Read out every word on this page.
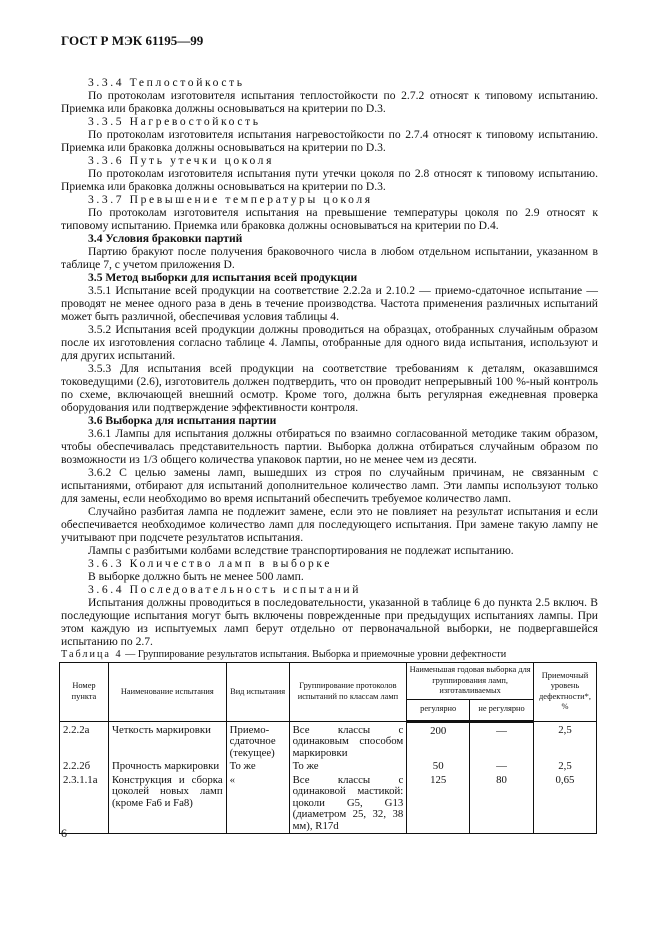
ГОСТ Р МЭК 61195—99

3.3.4 Теплостойкость

По протоколам изготовителя испытания теплостойкости по 2.7.2 относят к типовому испытанию. Приемка или браковка должны основываться на критерии по D.3.

3.3.5 Нагревостойкость

По протоколам изготовителя испытания нагревостойкости по 2.7.4 относят к типовому испытанию. Приемка или браковка должны основываться на критерии по D.3.

3.3.6 Путь утечки цоколя

По протоколам изготовителя испытания пути утечки цоколя по 2.8 относят к типовому испытанию. Приемка или браковка должны основываться на критерии по D.3.

3.3.7 Превышение температуры цоколя

По протоколам изготовителя испытания на превышение температуры цоколя по 2.9 относят к типовому испытанию. Приемка или браковка должны основываться на критерии по D.4.

3.4 Условия браковки партий

Партию бракуют после получения браковочного числа в любом отдельном испытании, указанном в таблице 7, с учетом приложения D.

3.5 Метод выборки для испытания всей продукции

3.5.1 Испытание всей продукции на соответствие 2.2.2а и 2.10.2 — приемо-сдаточное испытание — проводят не менее одного раза в день в течение производства. Частота применения различных испытаний может быть различной, обеспечивая условия таблицы 4.

3.5.2 Испытания всей продукции должны проводиться на образцах, отобранных случайным образом после их изготовления согласно таблице 4. Лампы, отобранные для одного вида испытания, используют и для других испытаний.

3.5.3 Для испытания всей продукции на соответствие требованиям к деталям, оказавшимся токоведущими (2.6), изготовитель должен подтвердить, что он проводит непрерывный 100 %-ный контроль по схеме, включающей внешний осмотр. Кроме того, должна быть регулярная ежедневная проверка оборудования или подтверждение эффективности контроля.

3.6 Выборка для испытания партии

3.6.1 Лампы для испытания должны отбираться по взаимно согласованной методике таким образом, чтобы обеспечивалась представительность партии. Выборка должна отбираться случайным образом по возможности из 1/3 общего количества упаковок партии, но не менее чем из десяти.

3.6.2 С целью замены ламп, вышедших из строя по случайным причинам, не связанным с испытаниями, отбирают для испытаний дополнительное количество ламп. Эти лампы используют только для замены, если необходимо во время испытаний обеспечить требуемое количество ламп.

Случайно разбитая лампа не подлежит замене, если это не повлияет на результат испытания и если обеспечивается необходимое количество ламп для последующего испытания. При замене такую лампу не учитывают при подсчете результатов испытания.

Лампы с разбитыми колбами вследствие транспортирования не подлежат испытанию.

3.6.3 Количество ламп в выборке

В выборке должно быть не менее 500 ламп.

3.6.4 Последовательность испытаний

Испытания должны проводиться в последовательности, указанной в таблице 6 до пункта 2.5 включ. В последующие испытания могут быть включены поврежденные при предыдущих испытаниях лампы. При этом каждую из испытуемых ламп берут отдельно от первоначальной выборки, не подвергавшейся испытанию по 2.7.

Таблица 4 — Группирование результатов испытания. Выборка и приемочные уровни дефектности
Номер пункта	Наименование испытания	Вид испытания	Группирование протоколов испытаний по классам ламп	Наименьшая годовая выборка для группирования ламп, изготавливаемых		Приемочный уровень дефектности*, %
				регулярно	не регулярно	
2.2.2а	Четкость маркировки	Приемо-сдаточное (текущее)	Все классы с одинаковым способом маркировки	200	—	2,5
2.2.2б	Прочность маркировки	То же	То же	50	—	2,5
2.3.1.1а	Конструкция и сборка цоколей новых ламп (кроме Fa6 и Fa8)	«	Все классы с одинаковой мастикой: цоколи G5, G13 (диаметром 25, 32, 38 мм), R17d	125	80	0,65
6
